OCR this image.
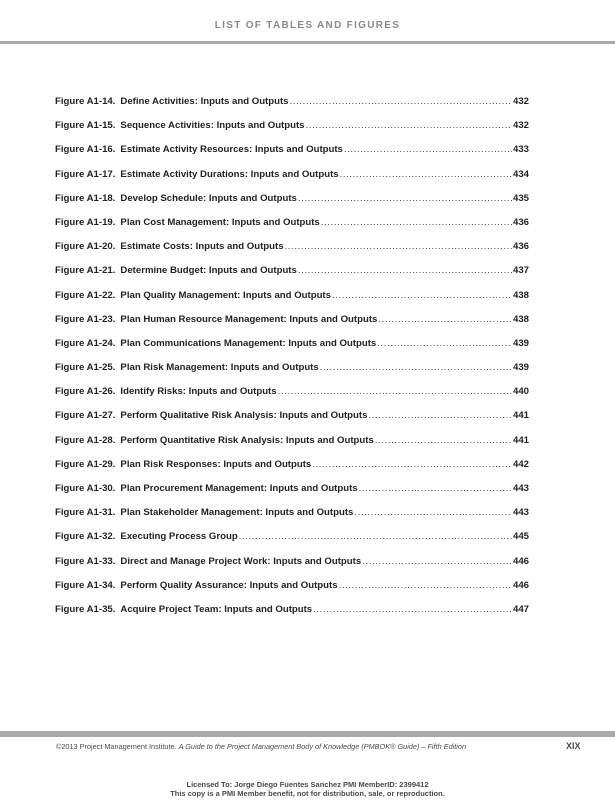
LIST OF TABLES AND FIGURES
Figure A1-14. Define Activities: Inputs and Outputs .....	432
Figure A1-15. Sequence Activities: Inputs and Outputs .....	432
Figure A1-16. Estimate Activity Resources: Inputs and Outputs .....	433
Figure A1-17. Estimate Activity Durations: Inputs and Outputs .....	434
Figure A1-18. Develop Schedule: Inputs and Outputs .....	435
Figure A1-19. Plan Cost Management: Inputs and Outputs .....	436
Figure A1-20. Estimate Costs: Inputs and Outputs .....	436
Figure A1-21. Determine Budget: Inputs and Outputs .....	437
Figure A1-22. Plan Quality Management: Inputs and Outputs .....	438
Figure A1-23. Plan Human Resource Management: Inputs and Outputs .....	438
Figure A1-24. Plan Communications Management: Inputs and Outputs .....	439
Figure A1-25. Plan Risk Management: Inputs and Outputs .....	439
Figure A1-26. Identify Risks: Inputs and Outputs .....	440
Figure A1-27. Perform Qualitative Risk Analysis: Inputs and Outputs .....	441
Figure A1-28. Perform Quantitative Risk Analysis: Inputs and Outputs .....	441
Figure A1-29. Plan Risk Responses: Inputs and Outputs .....	442
Figure A1-30. Plan Procurement Management: Inputs and Outputs .....	443
Figure A1-31. Plan Stakeholder Management: Inputs and Outputs .....	443
Figure A1-32. Executing Process Group .....	445
Figure A1-33. Direct and Manage Project Work: Inputs and Outputs .....	446
Figure A1-34. Perform Quality Assurance: Inputs and Outputs .....	446
Figure A1-35. Acquire Project Team: Inputs and Outputs .....	447
©2013 Project Management Institute. A Guide to the Project Management Body of Knowledge (PMBOK® Guide) – Fifth Edition	XIX
Licensed To: Jorge Diego Fuentes Sanchez PMI MemberID: 2399412
This copy is a PMI Member benefit, not for distribution, sale, or reproduction.
